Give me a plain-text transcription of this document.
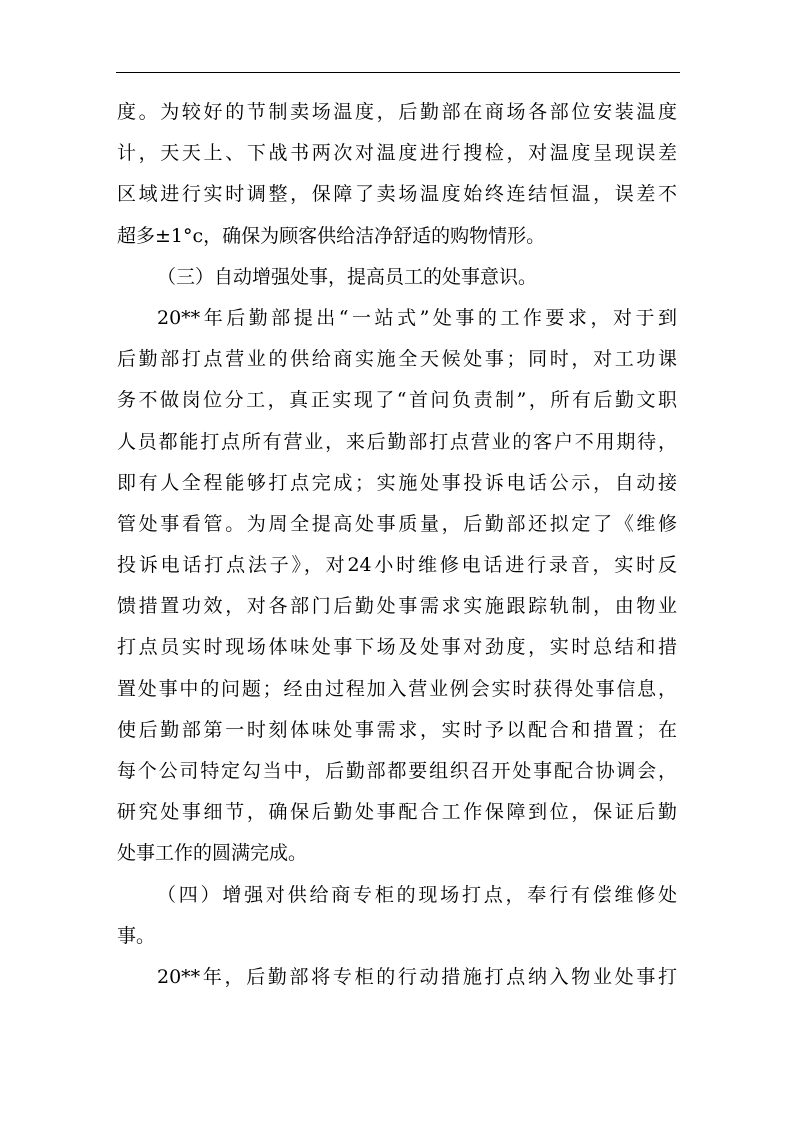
度。为较好的节制卖场温度，后勤部在商场各部位安装温度
计，天天上、下战书两次对温度进行搜检，对温度呈现误差
区域进行实时调整，保障了卖场温度始终连结恒温，误差不
超多±1°c，确保为顾客供给洁净舒适的购物情形。
（三）自动增强处事，提高员工的处事意识。
20**年后勤部提出“一站式”处事的工作要求，对于到
后勤部打点营业的供给商实施全天候处事；同时，对工功课
务不做岗位分工，真正实现了“首问负责制”，所有后勤文职
人员都能打点所有营业，来后勤部打点营业的客户不用期待，
即有人全程能够打点完成；实施处事投诉电话公示，自动接
管处事看管。为周全提高处事质量，后勤部还拟定了《维修
投诉电话打点法子》，对24小时维修电话进行录音，实时反
馈措置功效，对各部门后勤处事需求实施跟踪轨制，由物业
打点员实时现场体味处事下场及处事对劲度，实时总结和措
置处事中的问题；经由过程加入营业例会实时获得处事信息，
使后勤部第一时刻体味处事需求，实时予以配合和措置；在
每个公司特定勾当中，后勤部都要组织召开处事配合协调会，
研究处事细节，确保后勤处事配合工作保障到位，保证后勤
处事工作的圆满完成。
（四）增强对供给商专柜的现场打点，奉行有偿维修处
事。
20**年，后勤部将专柜的行动措施打点纳入物业处事打
